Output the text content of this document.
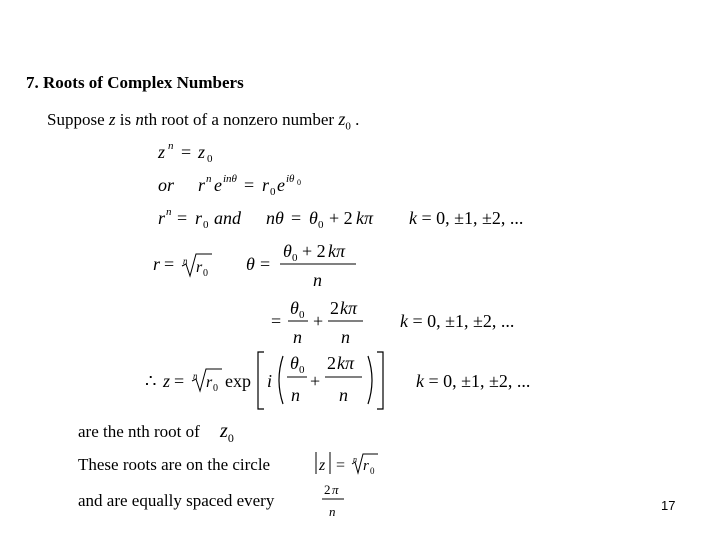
7. Roots of Complex Numbers
Suppose z is nth root of a nonzero number $z_0$ .
z n = z 0
or r n e inθ = r 0 e iθ 0
r n = r 0 and nθ = θ 0 + 2 kπ k = 0, ±1, ±2, ...
r = n r 0 θ =
θ 0 + 2 kπ
n
=
θ 0
n
+
2 kπ
n
k = 0, ±1, ±2, ...
∴ z = n r 0 exp i
θ 0
n
+
2 kπ
n
k = 0, ±1, ±2, ...
z = n r 0
2 π
n
are the nth root of $z_0$
These roots are on the circle
and are equally spaced every	17
